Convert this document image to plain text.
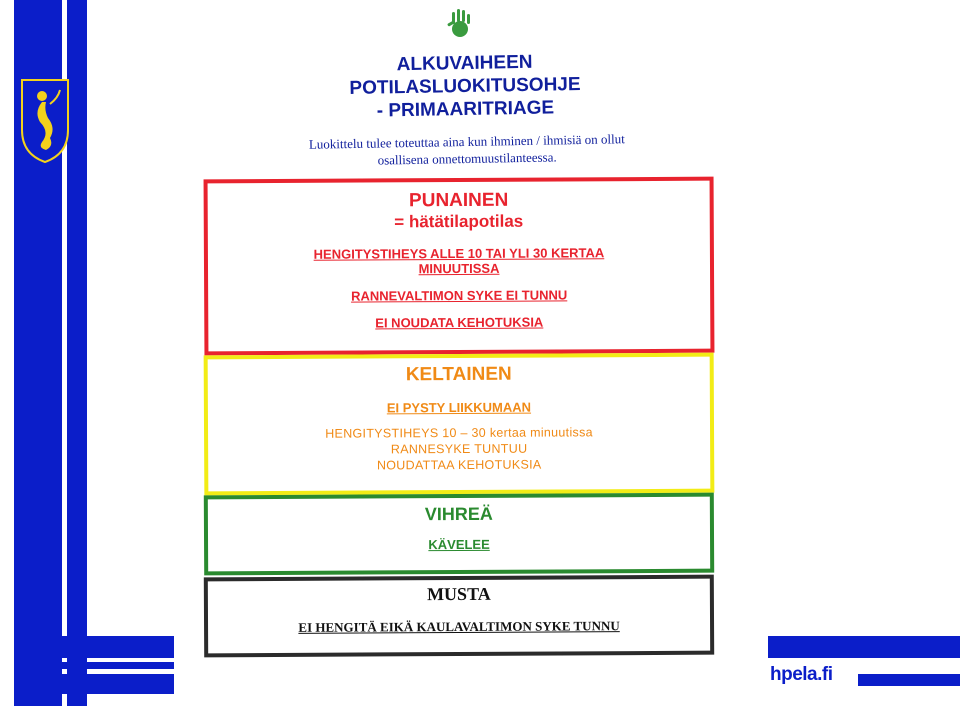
ALKUVAIHEEN
POTILASLUOKITUSOHJE
- PRIMAARITRIAGE
Luokittelu tulee toteuttaa aina kun ihminen / ihmisiä on ollut
osallisena onnettomuustilanteessa.
PUNAINEN
= hätätilapotilas
HENGITYSTIHEYS ALLE 10 TAI YLI 30 KERTAA
MINUUTISSA
RANNEVALTIMON SYKE EI TUNNU
EI NOUDATA KEHOTUKSIA
KELTAINEN
EI PYSTY LIIKKUMAAN
HENGITYSTIHEYS 10 – 30 kertaa minuutissa
RANNESYKE TUNTUU
NOUDATTAA KEHOTUKSIA
VIHREÄ
KÄVELEE
MUSTA
EI HENGITÄ EIKÄ KAULAVALTIMON SYKE TUNNU
hpela.fi
